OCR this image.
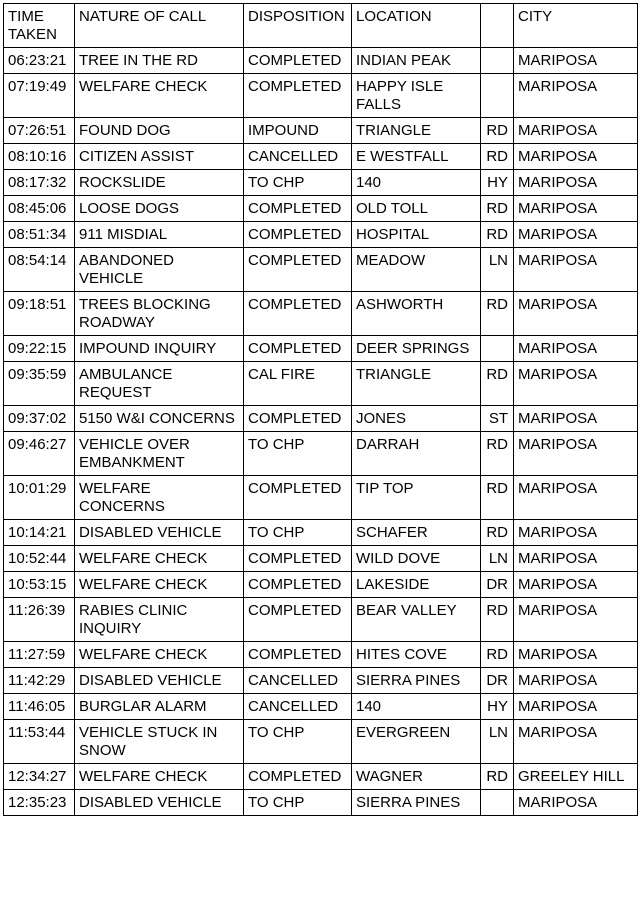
TIME TAKEN	NATURE OF CALL	DISPOSITION	LOCATION		CITY
06:23:21	TREE IN THE RD	COMPLETED	INDIAN PEAK		MARIPOSA
07:19:49	WELFARE CHECK	COMPLETED	HAPPY ISLE FALLS		MARIPOSA
07:26:51	FOUND DOG	IMPOUND	TRIANGLE	RD	MARIPOSA
08:10:16	CITIZEN ASSIST	CANCELLED	E WESTFALL	RD	MARIPOSA
08:17:32	ROCKSLIDE	TO CHP	140	HY	MARIPOSA
08:45:06	LOOSE DOGS	COMPLETED	OLD TOLL	RD	MARIPOSA
08:51:34	911 MISDIAL	COMPLETED	HOSPITAL	RD	MARIPOSA
08:54:14	ABANDONED VEHICLE	COMPLETED	MEADOW	LN	MARIPOSA
09:18:51	TREES BLOCKING ROADWAY	COMPLETED	ASHWORTH	RD	MARIPOSA
09:22:15	IMPOUND INQUIRY	COMPLETED	DEER SPRINGS		MARIPOSA
09:35:59	AMBULANCE REQUEST	CAL FIRE	TRIANGLE	RD	MARIPOSA
09:37:02	5150 W&I CONCERNS	COMPLETED	JONES	ST	MARIPOSA
09:46:27	VEHICLE OVER EMBANKMENT	TO CHP	DARRAH	RD	MARIPOSA
10:01:29	WELFARE CONCERNS	COMPLETED	TIP TOP	RD	MARIPOSA
10:14:21	DISABLED VEHICLE	TO CHP	SCHAFER	RD	MARIPOSA
10:52:44	WELFARE CHECK	COMPLETED	WILD DOVE	LN	MARIPOSA
10:53:15	WELFARE CHECK	COMPLETED	LAKESIDE	DR	MARIPOSA
11:26:39	RABIES CLINIC INQUIRY	COMPLETED	BEAR VALLEY	RD	MARIPOSA
11:27:59	WELFARE CHECK	COMPLETED	HITES COVE	RD	MARIPOSA
11:42:29	DISABLED VEHICLE	CANCELLED	SIERRA PINES	DR	MARIPOSA
11:46:05	BURGLAR ALARM	CANCELLED	140	HY	MARIPOSA
11:53:44	VEHICLE STUCK IN SNOW	TO CHP	EVERGREEN	LN	MARIPOSA
12:34:27	WELFARE CHECK	COMPLETED	WAGNER	RD	GREELEY HILL
12:35:23	DISABLED VEHICLE	TO CHP	SIERRA PINES		MARIPOSA
